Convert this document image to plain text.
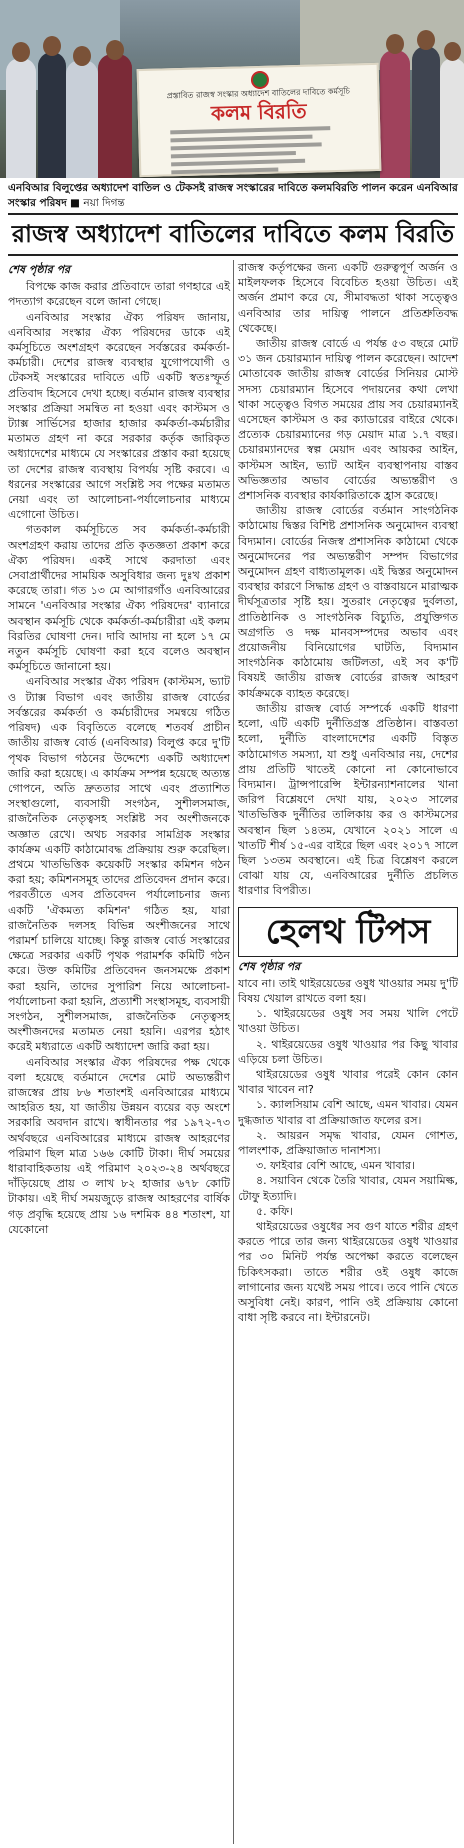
প্রস্তাবিত রাজস্ব সংস্কার অধ্যাদেশ বাতিলের দাবিতে কর্মসূচি
কলম বিরতি
এনবিআর বিলুপ্তের অধ্যাদেশ বাতিল ও টেকসই রাজস্ব সংস্কারের দাবিতে কলমবিরতি পালন করেন এনবিআর সংস্কার পরিষদ ■ নয়া দিগন্ত
রাজস্ব অধ্যাদেশ বাতিলের দাবিতে কলম বিরতি
শেষ পৃষ্ঠার পর

বিপক্ষে কাজ করার প্রতিবাদে তারা গণহারে এই পদত্যাগ করেছেন বলে জানা গেছে।

এনবিআর সংস্কার ঐক্য পরিষদ জানায়, এনবিআর সংস্কার ঐক্য পরিষদের ডাকে এই কর্মসূচিতে অংশগ্রহণ করেছেন সর্বস্তরের কর্মকর্তা-কর্মচারী। দেশের রাজস্ব ব্যবস্থার যুগোপযোগী ও টেকসই সংস্কারের দাবিতে এটি একটি স্বতঃস্ফূর্ত প্রতিবাদ হিসেবে দেখা হচ্ছে। বর্তমান রাজস্ব ব্যবস্থার সংস্কার প্রক্রিয়া সমন্বিত না হওয়া এবং কাস্টমস ও ট্যাক্স সার্ভিসের হাজার হাজার কর্মকর্তা-কর্মচারীর মতামত গ্রহণ না করে সরকার কর্তৃক জারিকৃত অধ্যাদেশের মাধ্যমে যে সংস্কারের প্রস্তাব করা হয়েছে তা দেশের রাজস্ব ব্যবস্থায় বিপর্যয় সৃষ্টি করবে। এ ধরনের সংস্কারের আগে সংশ্লিষ্ট সব পক্ষের মতামত নেয়া এবং তা আলোচনা-পর্যালোচনার মাধ্যমে এগোনো উচিত।

গতকাল কর্মসূচিতে সব কর্মকর্তা-কর্মচারী অংশগ্রহণ করায় তাদের প্রতি কৃতজ্ঞতা প্রকাশ করে ঐক্য পরিষদ। একই সাথে করদাতা এবং সেবাপ্রার্থীদের সাময়িক অসুবিধার জন্য দুঃখ প্রকাশ করেছে তারা। গত ১৩ মে আগারগাঁও এনবিআরের সামনে 'এনবিআর সংস্কার ঐক্য পরিষদের' ব্যানারে অবস্থান কর্মসূচি থেকে কর্মকর্তা-কর্মচারীরা এই কলম বিরতির ঘোষণা দেন। দাবি আদায় না হলে ১৭ মে নতুন কর্মসূচি ঘোষণা করা হবে বলেও অবস্থান কর্মসূচিতে জানানো হয়।

এনবিআর সংস্কার ঐক্য পরিষদ (কাস্টমস, ভ্যাট ও ট্যাক্স বিভাগ এবং জাতীয় রাজস্ব বোর্ডের সর্বস্তরের কর্মকর্তা ও কর্মচারীদের সমন্বয়ে গঠিত পরিষদ) এক বিবৃতিতে বলেছে শতবর্ষ প্রাচীন জাতীয় রাজস্ব বোর্ড (এনবিআর) বিলুপ্ত করে দু'টি পৃথক বিভাগ গঠনের উদ্দেশ্যে একটি অধ্যাদেশ জারি করা হয়েছে। এ কার্যক্রম সম্পন্ন হয়েছে অত্যন্ত গোপনে, অতি দ্রুততার সাথে এবং প্রত্যাশিত সংস্থাগুলো, ব্যবসায়ী সংগঠন, সুশীলসমাজ, রাজনৈতিক নেতৃত্বসহ সংশ্লিষ্ট সব অংশীজনকে অজ্ঞাত রেখে। অথচ সরকার সামগ্রিক সংস্কার কার্যক্রম একটি কাঠামোবদ্ধ প্রক্রিয়ায় শুরু করেছিল। প্রথমে খাতভিত্তিক কয়েকটি সংস্কার কমিশন গঠন করা হয়; কমিশনসমূহ তাদের প্রতিবেদন প্রদান করে। পরবর্তীতে এসব প্রতিবেদন পর্যালোচনার জন্য একটি 'ঐকমত্য কমিশন' গঠিত হয়, যারা রাজনৈতিক দলসহ বিভিন্ন অংশীজনের সাথে পরামর্শ চালিয়ে যাচ্ছে। কিন্তু রাজস্ব বোর্ড সংস্কারের ক্ষেত্রে সরকার একটি পৃথক পরামর্শক কমিটি গঠন করে। উক্ত কমিটির প্রতিবেদন জনসমক্ষে প্রকাশ করা হয়নি, তাদের সুপারিশ নিয়ে আলোচনা-পর্যালোচনা করা হয়নি, প্রত্যাশী সংস্থাসমূহ, ব্যবসায়ী সংগঠন, সুশীলসমাজ, রাজনৈতিক নেতৃত্বসহ অংশীজনদের মতামত নেয়া হয়নি। এরপর হঠাৎ করেই মধ্যরাতে একটি অধ্যাদেশ জারি করা হয়।

এনবিআর সংস্কার ঐক্য পরিষদের পক্ষ থেকে বলা হয়েছে বর্তমানে দেশের মোট অভ্যন্তরীণ রাজস্বের প্রায় ৮৬ শতাংশই এনবিআরের মাধ্যমে আহরিত হয়, যা জাতীয় উন্নয়ন ব্যয়ের বড় অংশে সরকারি অবদান রাখে। স্বাধীনতার পর ১৯৭২-৭৩ অর্থবছরে এনবিআরের মাধ্যমে রাজস্ব আহরণের পরিমাণ ছিল মাত্র ১৬৬ কোটি টাকা। দীর্ঘ সময়ের ধারাবাহিকতায় এই পরিমাণ ২০২৩-২৪ অর্থবছরে দাঁড়িয়েছে প্রায় ৩ লাখ ৮২ হাজার ৬৭৮ কোটি টাকায়। এই দীর্ঘ সময়জুড়ে রাজস্ব আহরণের বার্ষিক গড় প্রবৃদ্ধি হয়েছে প্রায় ১৬ দশমিক ৪৪ শতাংশ, যা যেকোনো

রাজস্ব কর্তৃপক্ষের জন্য একটি গুরুত্বপূর্ণ অর্জন ও মাইলফলক হিসেবে বিবেচিত হওয়া উচিত। এই অর্জন প্রমাণ করে যে, সীমাবদ্ধতা থাকা সত্ত্বেও এনবিআর তার দায়িত্ব পালনে প্রতিশ্রুতিবদ্ধ থেকেছে।

জাতীয় রাজস্ব বোর্ডে এ পর্যন্ত ৫৩ বছরে মোট ৩১ জন চেয়ারম্যান দায়িত্ব পালন করেছেন। আদেশ মোতাবেক জাতীয় রাজস্ব বোর্ডের সিনিয়র মোস্ট সদস্য চেয়ারম্যান হিসেবে পদায়নের কথা লেখা থাকা সত্ত্বেও বিগত সময়ের প্রায় সব চেয়ারম্যানই এসেছেন কাস্টমস ও কর ক্যাডারের বাইরে থেকে। প্রত্যেক চেয়ারম্যানের গড় মেয়াদ মাত্র ১.৭ বছর। চেয়ারম্যানদের স্বল্প মেয়াদ এবং আয়কর আইন, কাস্টমস আইন, ভ্যাট আইন ব্যবস্থাপনায় বাস্তব অভিজ্ঞতার অভাব বোর্ডের অভ্যন্তরীণ ও প্রশাসনিক ব্যবস্থার কার্যকারিতাকে হ্রাস করেছে।

জাতীয় রাজস্ব বোর্ডের বর্তমান সাংগঠনিক কাঠামোয় দ্বিস্তর বিশিষ্ট প্রশাসনিক অনুমোদন ব্যবস্থা বিদ্যমান। বোর্ডের নিজস্ব প্রশাসনিক কাঠামো থেকে অনুমোদনের পর অভ্যন্তরীণ সম্পদ বিভাগের অনুমোদন গ্রহণ বাধ্যতামূলক। এই দ্বিস্তর অনুমোদন ব্যবস্থার কারণে সিদ্ধান্ত গ্রহণ ও বাস্তবায়নে মারাত্মক দীর্ঘসূত্রতার সৃষ্টি হয়। সুতরাং নেতৃত্বের দুর্বলতা, প্রাতিষ্ঠানিক ও সাংগঠনিক বিচ্যুতি, প্রযুক্তিগত অগ্রগতি ও দক্ষ মানবসম্পদের অভাব এবং প্রয়োজনীয় বিনিয়োগের ঘাটতি, বিদ্যমান সাংগঠনিক কাঠামোয় জটিলতা, এই সব ক'টি বিষয়ই জাতীয় রাজস্ব বোর্ডের রাজস্ব আহরণ কার্যক্রমকে ব্যাহত করেছে।

জাতীয় রাজস্ব বোর্ড সম্পর্কে একটি ধারণা হলো, এটি একটি দুর্নীতিগ্রস্ত প্রতিষ্ঠান। বাস্তবতা হলো, দুর্নীতি বাংলাদেশের একটি বিস্তৃত কাঠামোগত সমস্যা, যা শুধু এনবিআর নয়, দেশের প্রায় প্রতিটি খাতেই কোনো না কোনোভাবে বিদ্যমান। ট্রান্সপারেন্সি ইন্টারন্যাশনালের খানা জরিপ বিশ্লেষণে দেখা যায়, ২০২৩ সালের খাতভিত্তিক দুর্নীতির তালিকায় কর ও কাস্টমসের অবস্থান ছিল ১৪তম, যেখানে ২০২১ সালে এ খাতটি শীর্ষ ১৫-এর বাইরে ছিল এবং ২০১৭ সালে ছিল ১৩তম অবস্থানে। এই চিত্র বিশ্লেষণ করলে বোঝা যায় যে, এনবিআরের দুর্নীতি প্রচলিত ধারণার বিপরীত।

হেলথ টিপস
শেষ পৃষ্ঠার পর

যাবে না। তাই থাইরয়েডের ওষুধ খাওয়ার সময় দু'টি বিষয় খেয়াল রাখতে বলা হয়।

১. থাইরয়েডের ওষুধ সব সময় খালি পেটে খাওয়া উচিত।

২. থাইরয়েডের ওষুধ খাওয়ার পর কিছু খাবার এড়িয়ে চলা উচিত।

থাইরয়েডের ওষুধ খাবার পরেই কোন কোন খাবার খাবেন না?

১. ক্যালসিয়াম বেশি আছে, এমন খাবার। যেমন দুগ্ধজাত খাবার বা প্রক্রিয়াজাত ফলের রস।

২. আয়রন সমৃদ্ধ খাবার, যেমন গোশত, পালংশাক, প্রক্রিয়াজাত দানাশস্য।

৩. ফাইবার বেশি আছে, এমন খাবার।

৪. সয়াবিন থেকে তৈরি খাবার, যেমন সয়ামিল্ক, টোফু ইত্যাদি।

৫. কফি।

থাইরয়েডের ওষুধের সব গুণ যাতে শরীর গ্রহণ করতে পারে তার জন্য থাইরয়েডের ওষুধ খাওয়ার পর ৩০ মিনিট পর্যন্ত অপেক্ষা করতে বলেছেন চিকিৎসকরা। তাতে শরীর ওই ওষুধ কাজে লাগানোর জন্য যথেষ্ট সময় পাবে। তবে পানি খেতে অসুবিধা নেই। কারণ, পানি ওই প্রক্রিয়ায় কোনো বাধা সৃষ্টি করবে না। ইন্টারনেট।
